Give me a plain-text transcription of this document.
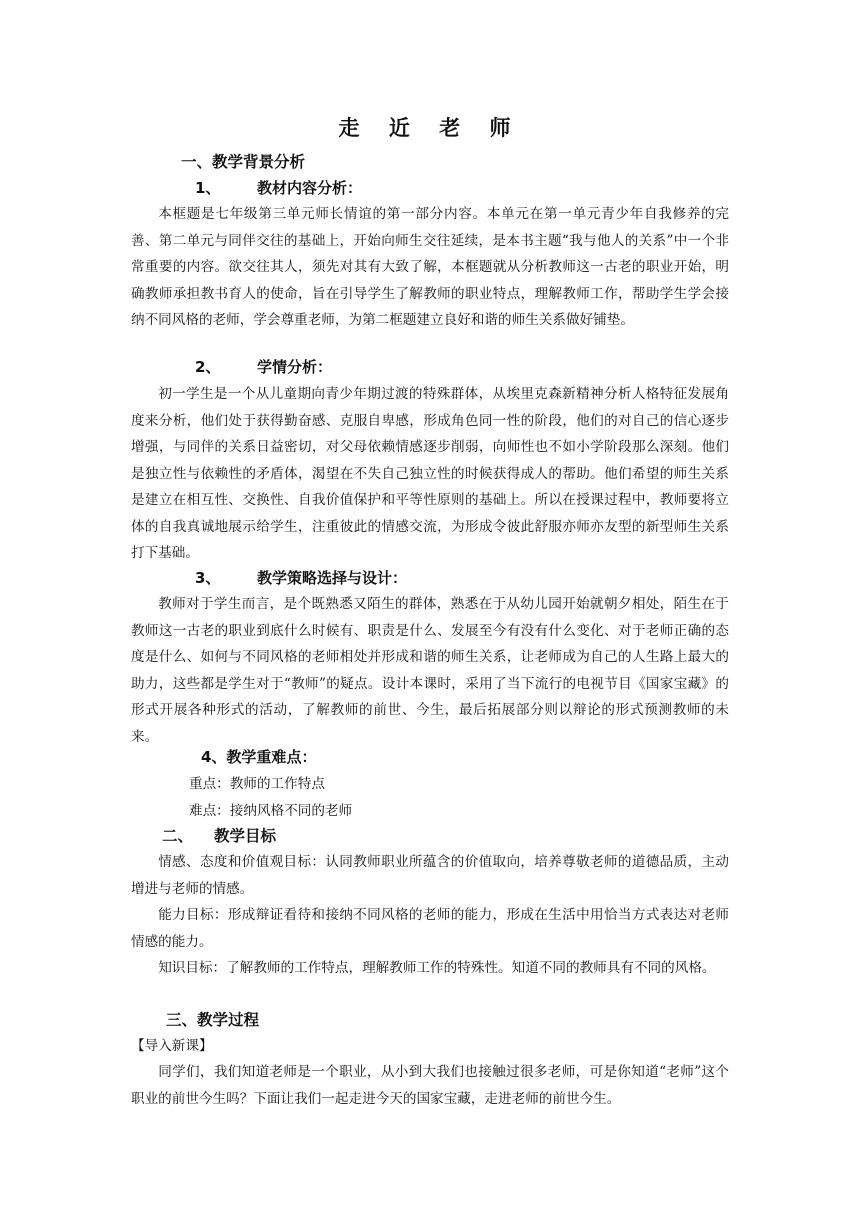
走 近 老 师
一、教学背景分析
1、 教材内容分析：
本框题是七年级第三单元师长情谊的第一部分内容。本单元在第一单元青少年自我修养的完善、第二单元与同伴交往的基础上，开始向师生交往延续，是本书主题“我与他人的关系”中一个非常重要的内容。欲交往其人，须先对其有大致了解，本框题就从分析教师这一古老的职业开始，明确教师承担教书育人的使命，旨在引导学生了解教师的职业特点，理解教师工作，帮助学生学会接纳不同风格的老师，学会尊重老师，为第二框题建立良好和谐的师生关系做好铺垫。
2、 学情分析：
初一学生是一个从儿童期向青少年期过渡的特殊群体，从埃里克森新精神分析人格特征发展角度来分析，他们处于获得勤奋感、克服自卑感，形成角色同一性的阶段，他们的对自己的信心逐步增强，与同伴的关系日益密切，对父母依赖情感逐步削弱，向师性也不如小学阶段那么深刻。他们是独立性与依赖性的矛盾体，渴望在不失自己独立性的时候获得成人的帮助。他们希望的师生关系是建立在相互性、交换性、自我价值保护和平等性原则的基础上。所以在授课过程中，教师要将立体的自我真诚地展示给学生，注重彼此的情感交流，为形成令彼此舒服亦师亦友型的新型师生关系打下基础。
3、 教学策略选择与设计：
教师对于学生而言，是个既熟悉又陌生的群体，熟悉在于从幼儿园开始就朝夕相处，陌生在于教师这一古老的职业到底什么时候有、职责是什么、发展至今有没有什么变化、对于老师正确的态度是什么、如何与不同风格的老师相处并形成和谐的师生关系，让老师成为自己的人生路上最大的助力，这些都是学生对于“教师”的疑点。设计本课时，采用了当下流行的电视节目《国家宝藏》的形式开展各种形式的活动，了解教师的前世、今生，最后拓展部分则以辩论的形式预测教师的未来。
4、教学重难点：
重点：教师的工作特点
难点：接纳风格不同的老师
二、 教学目标
情感、态度和价值观目标：认同教师职业所蕴含的价值取向，培养尊敬老师的道德品质，主动增进与老师的情感。
能力目标：形成辩证看待和接纳不同风格的老师的能力，形成在生活中用恰当方式表达对老师情感的能力。
知识目标：了解教师的工作特点，理解教师工作的特殊性。知道不同的教师具有不同的风格。
三、教学过程
【导入新课】
同学们，我们知道老师是一个职业，从小到大我们也接触过很多老师，可是你知道“老师”这个职业的前世今生吗？下面让我们一起走进今天的国家宝藏，走进老师的前世今生。
